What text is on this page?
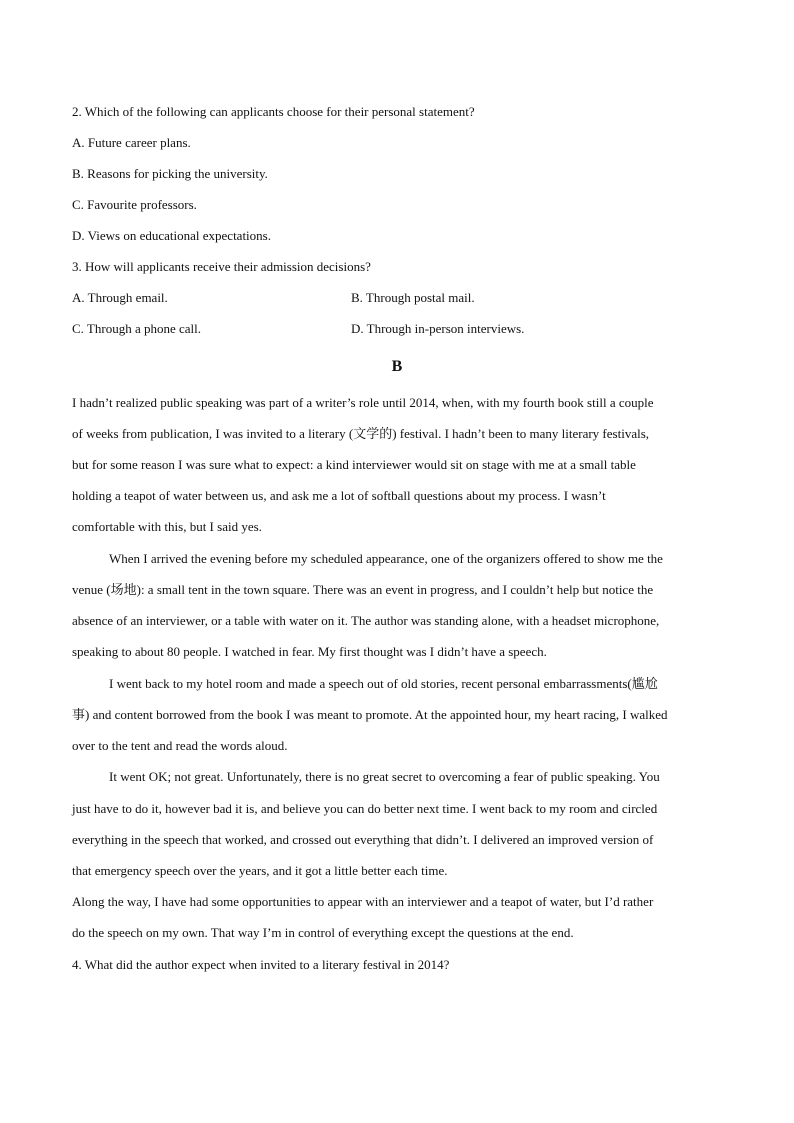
2. Which of the following can applicants choose for their personal statement?
A. Future career plans.
B. Reasons for picking the university.
C. Favourite professors.
D. Views on educational expectations.
3. How will applicants receive their admission decisions?
A. Through email.	B. Through postal mail.
C. Through a phone call.	D. Through in-person interviews.
B
I hadn’t realized public speaking was part of a writer’s role until 2014, when, with my fourth book still a couple
of weeks from publication, I was invited to a literary (文学的) festival. I hadn’t been to many literary festivals,
but for some reason I was sure what to expect: a kind interviewer would sit on stage with me at a small table
holding a teapot of water between us, and ask me a lot of softball questions about my process. I wasn’t
comfortable with this, but I said yes.
When I arrived the evening before my scheduled appearance, one of the organizers offered to show me the
venue (场地): a small tent in the town square. There was an event in progress, and I couldn’t help but notice the
absence of an interviewer, or a table with water on it. The author was standing alone, with a headset microphone,
speaking to about 80 people. I watched in fear. My first thought was I didn’t have a speech.
I went back to my hotel room and made a speech out of old stories, recent personal embarrassments(尴尬
事) and content borrowed from the book I was meant to promote. At the appointed hour, my heart racing, I walked
over to the tent and read the words aloud.
It went OK; not great. Unfortunately, there is no great secret to overcoming a fear of public speaking. You
just have to do it, however bad it is, and believe you can do better next time. I went back to my room and circled
everything in the speech that worked, and crossed out everything that didn’t. I delivered an improved version of
that emergency speech over the years, and it got a little better each time.
Along the way, I have had some opportunities to appear with an interviewer and a teapot of water, but I’d rather
do the speech on my own. That way I’m in control of everything except the questions at the end.
4. What did the author expect when invited to a literary festival in 2014?
